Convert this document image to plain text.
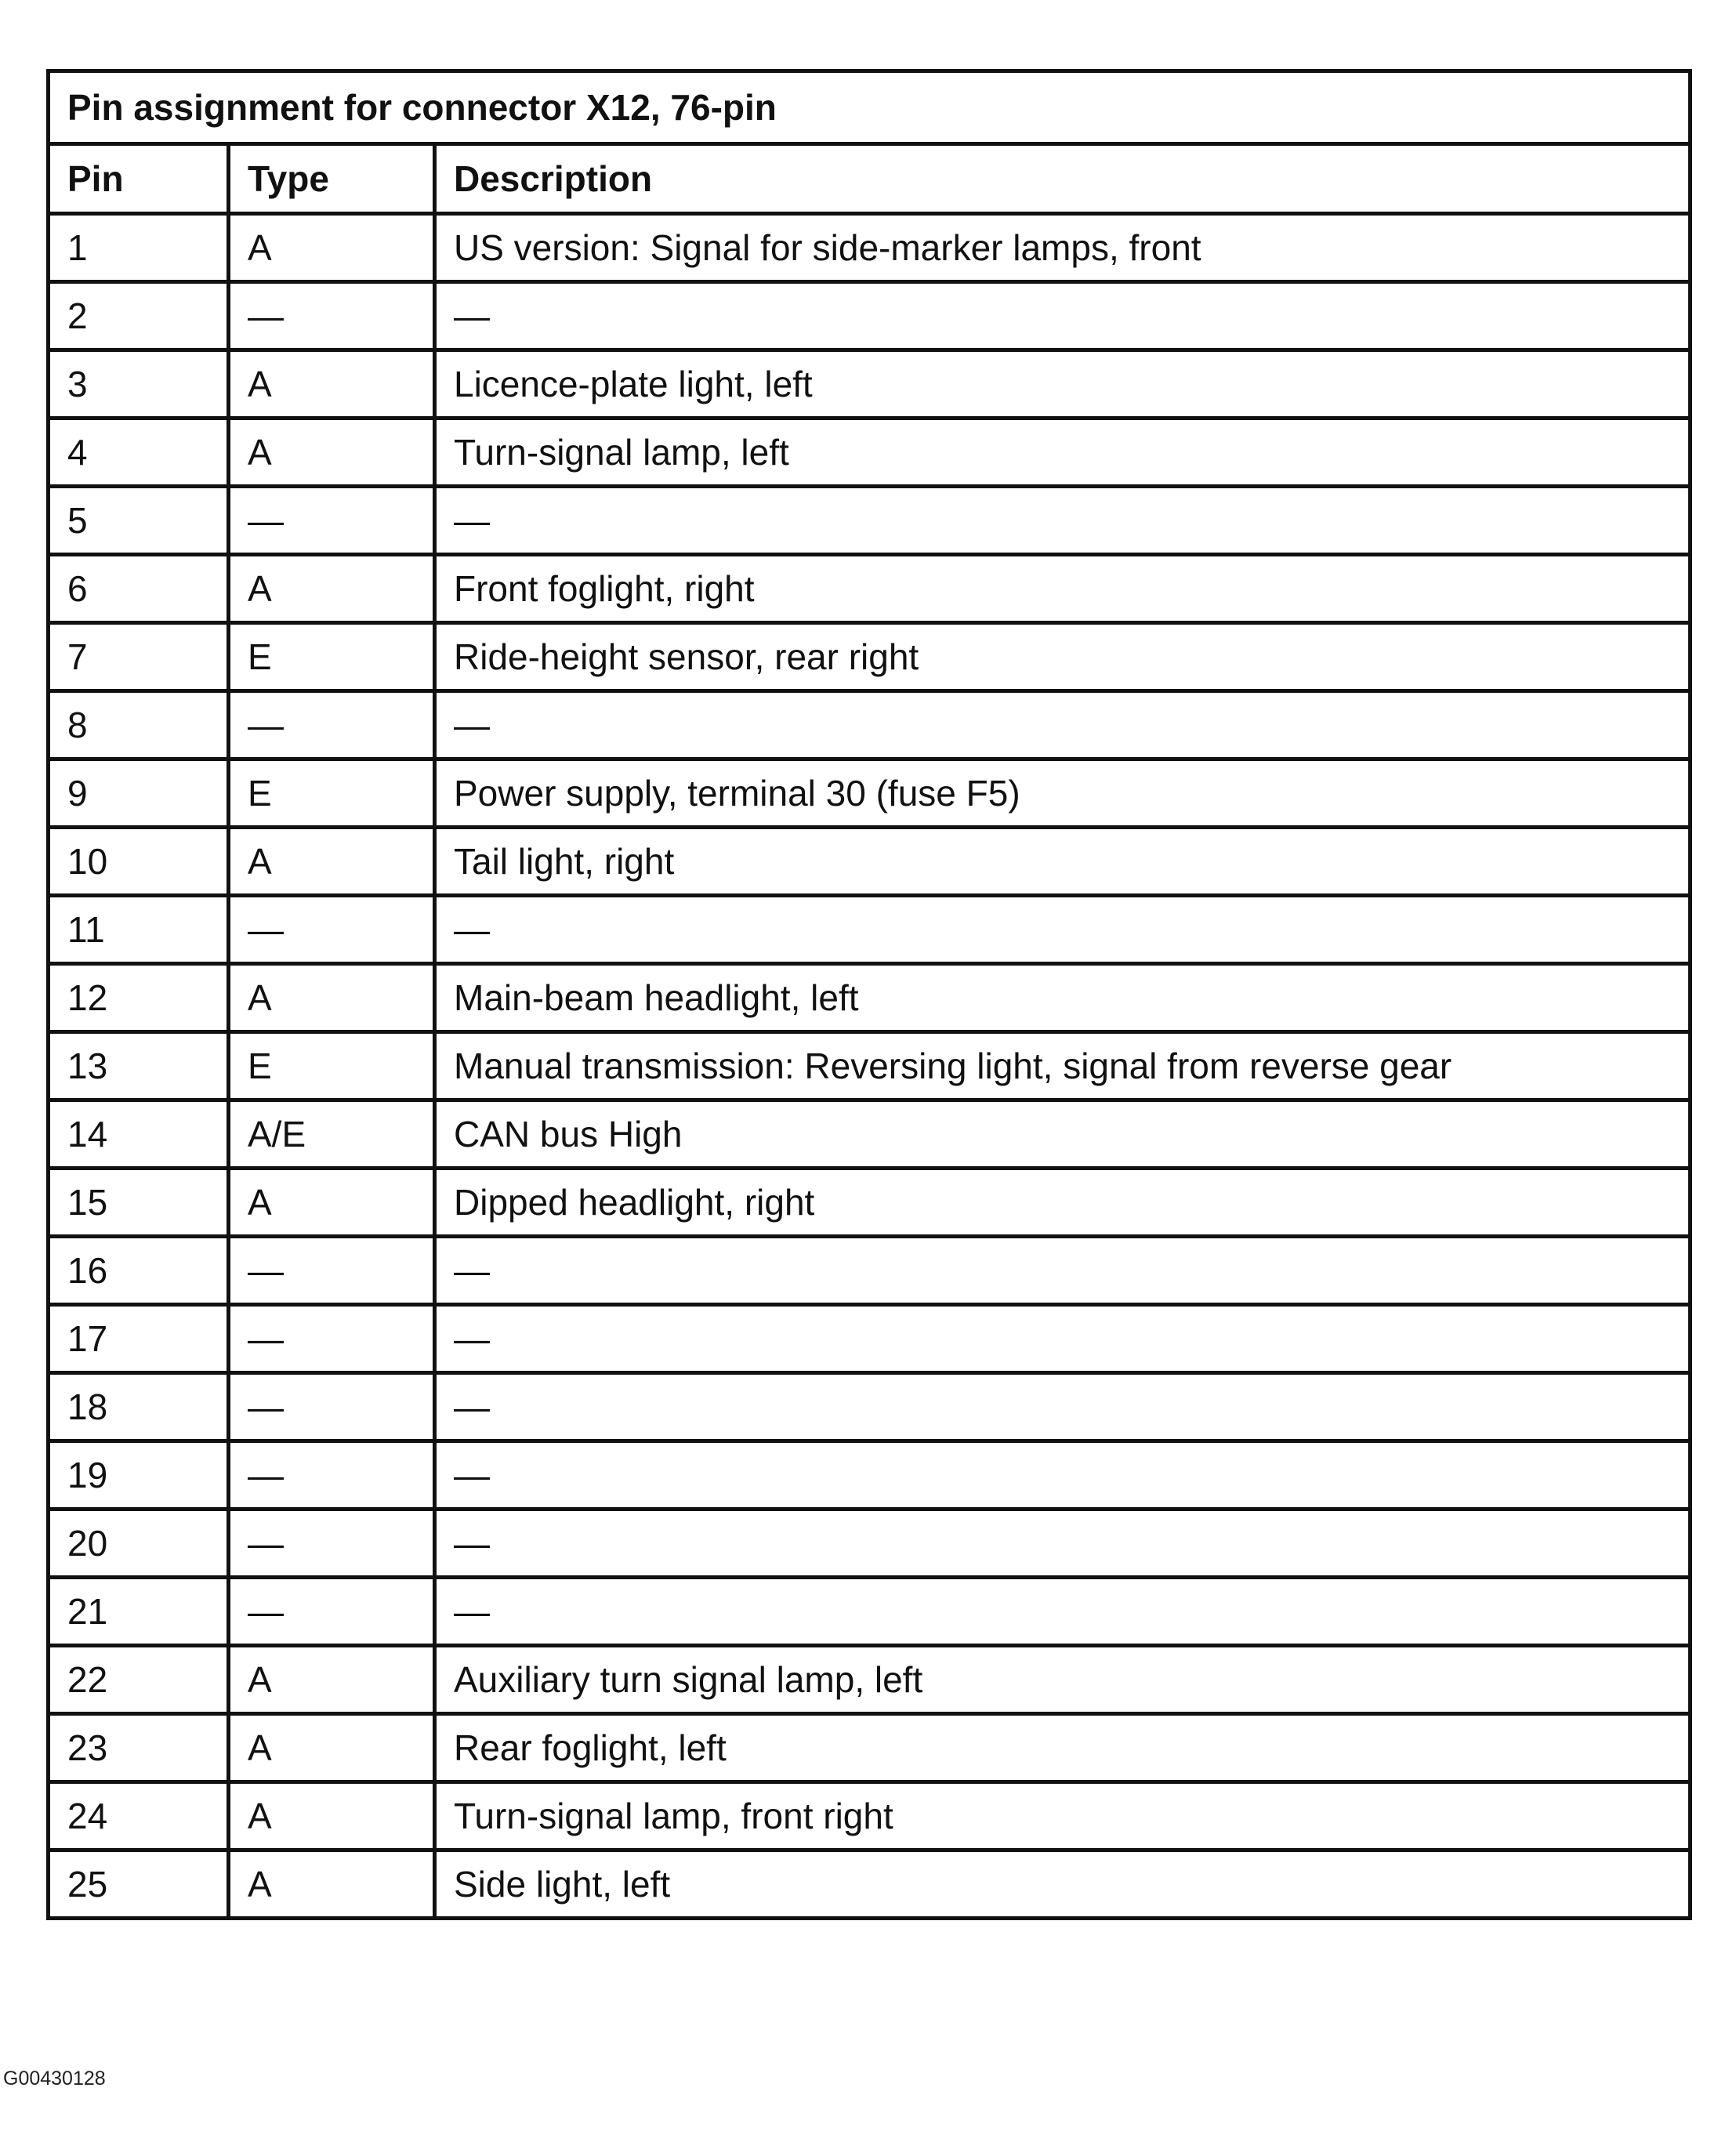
Pin assignment for connector X12, 76-pin		
Pin	Type	Description
1	A	US version: Signal for side-marker lamps, front
2	—	—
3	A	Licence-plate light, left
4	A	Turn-signal lamp, left
5	—	—
6	A	Front foglight, right
7	E	Ride-height sensor, rear right
8	—	—
9	E	Power supply, terminal 30 (fuse F5)
10	A	Tail light, right
11	—	—
12	A	Main-beam headlight, left
13	E	Manual transmission: Reversing light, signal from reverse gear
14	A/E	CAN bus High
15	A	Dipped headlight, right
16	—	—
17	—	—
18	—	—
19	—	—
20	—	—
21	—	—
22	A	Auxiliary turn signal lamp, left
23	A	Rear foglight, left
24	A	Turn-signal lamp, front right
25	A	Side light, left
G00430128
